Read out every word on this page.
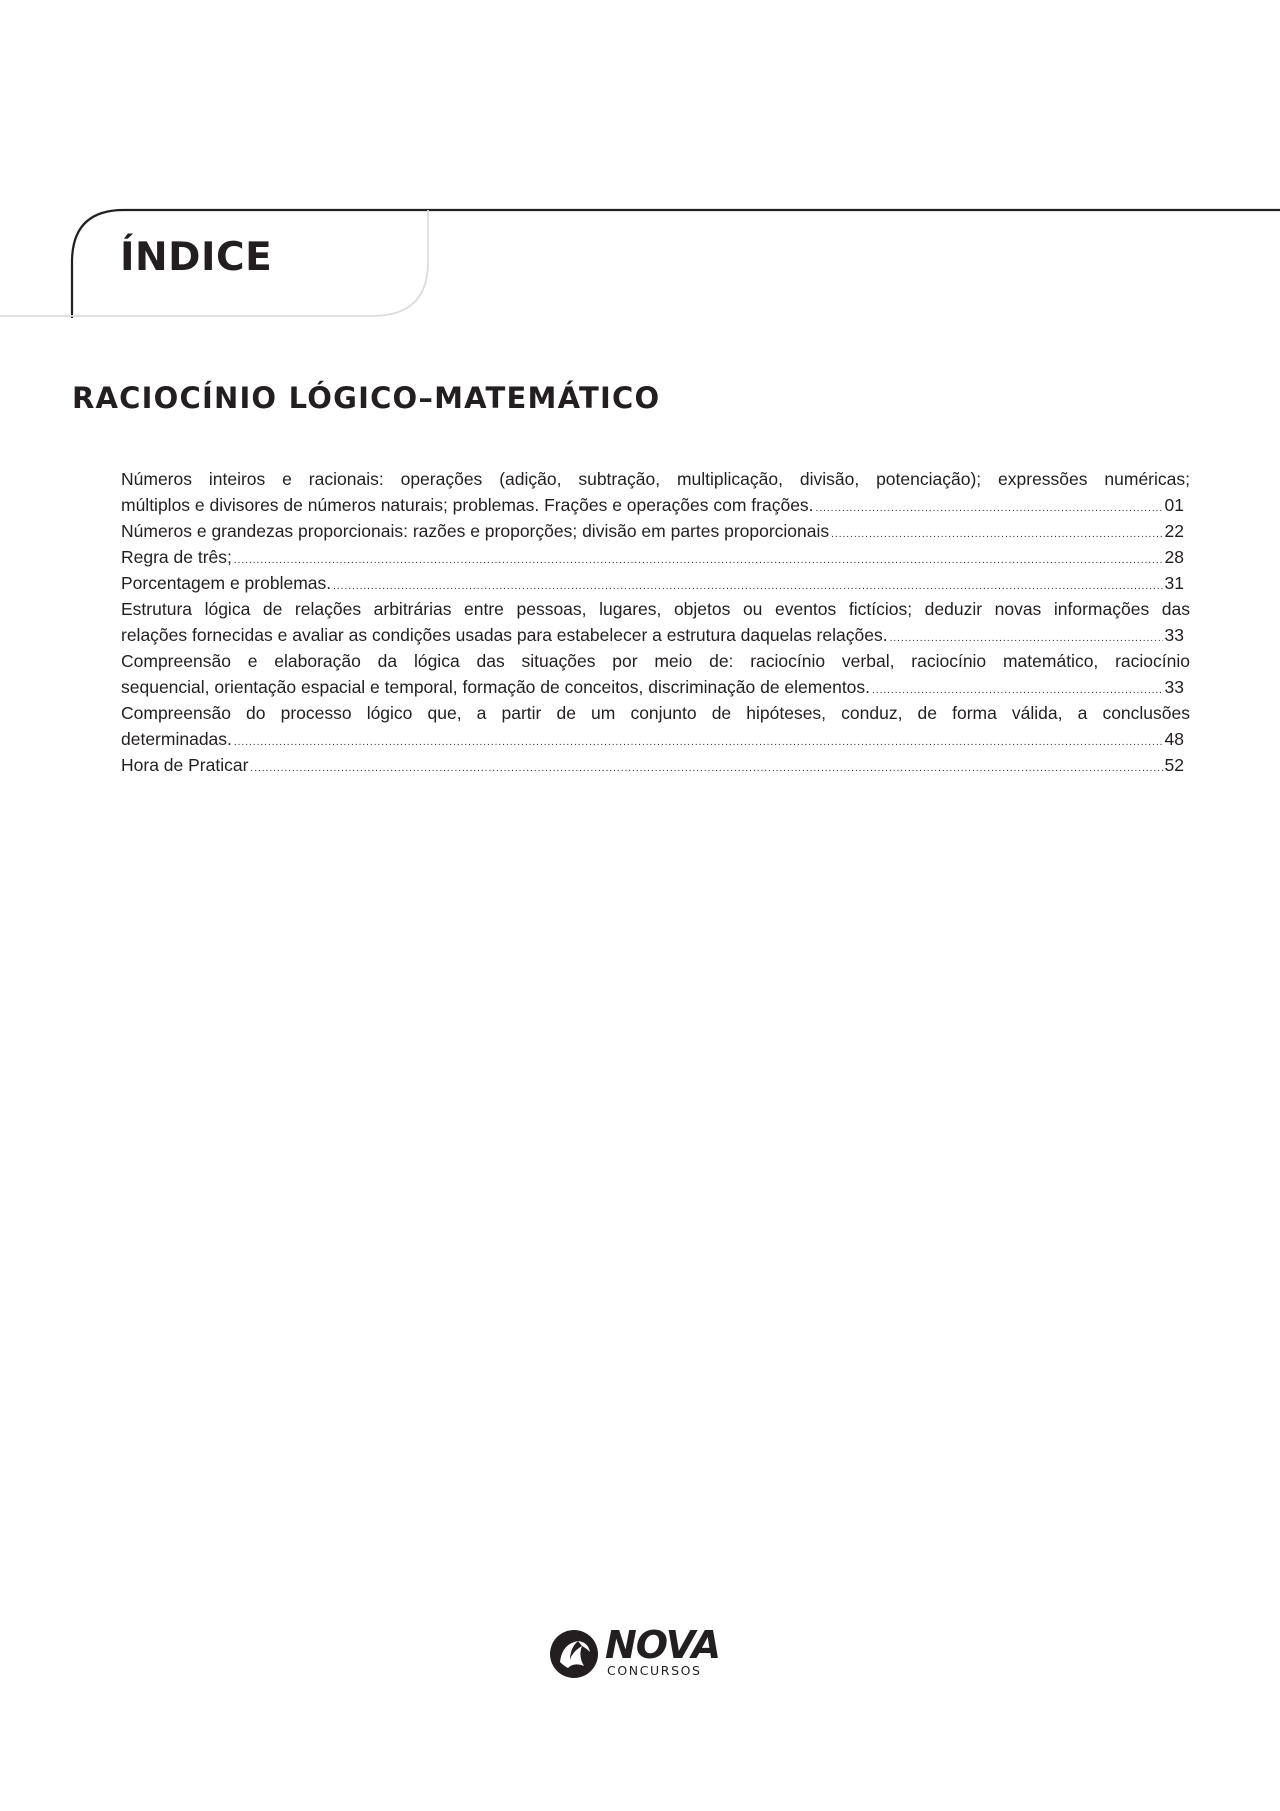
ÍNDICE
RACIOCÍNIO LÓGICO–MATEMÁTICO
Números inteiros e racionais: operações (adição, subtração, multiplicação, divisão, potenciação); expressões numéricas;
múltiplos e divisores de números naturais; problemas. Frações e operações com frações. .....	01
Números e grandezas proporcionais: razões e proporções; divisão em partes proporcionais .....	22
Regra de três; .....	28
Porcentagem e problemas. .....	31
Estrutura lógica de relações arbitrárias entre pessoas, lugares, objetos ou eventos fictícios; deduzir novas informações das
relações fornecidas e avaliar as condições usadas para estabelecer a estrutura daquelas relações. .....	33
Compreensão e elaboração da lógica das situações por meio de: raciocínio verbal, raciocínio matemático, raciocínio
sequencial, orientação espacial e temporal, formação de conceitos, discriminação de elementos. .....	33
Compreensão do processo lógico que, a partir de um conjunto de hipóteses, conduz, de forma válida, a conclusões
determinadas. .....	48
Hora de Praticar .....	52
NOVA
CONCURSOS
